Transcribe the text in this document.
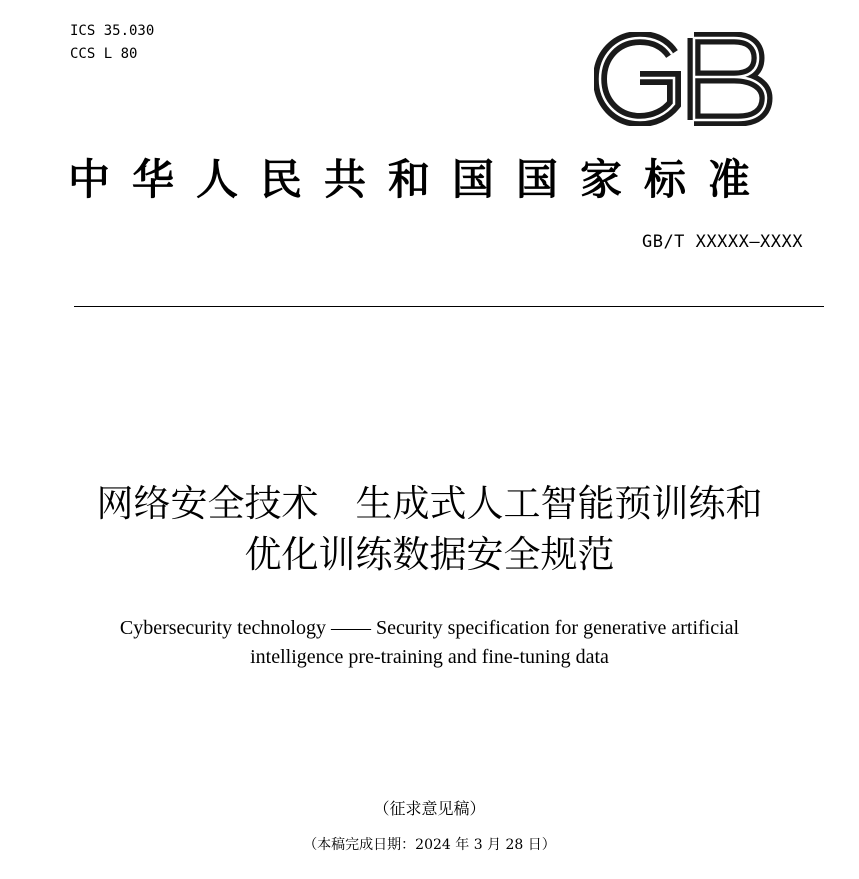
ICS 35.030
CCS L 80
中华人民共和国国家标准
GB/T XXXXX—XXXX
网络安全技术　生成式人工智能预训练和
优化训练数据安全规范
Cybersecurity technology —— Security specification for generative artificial
intelligence pre-training and fine-tuning data
（征求意见稿）
（本稿完成日期：2024 年 3 月 28 日）
